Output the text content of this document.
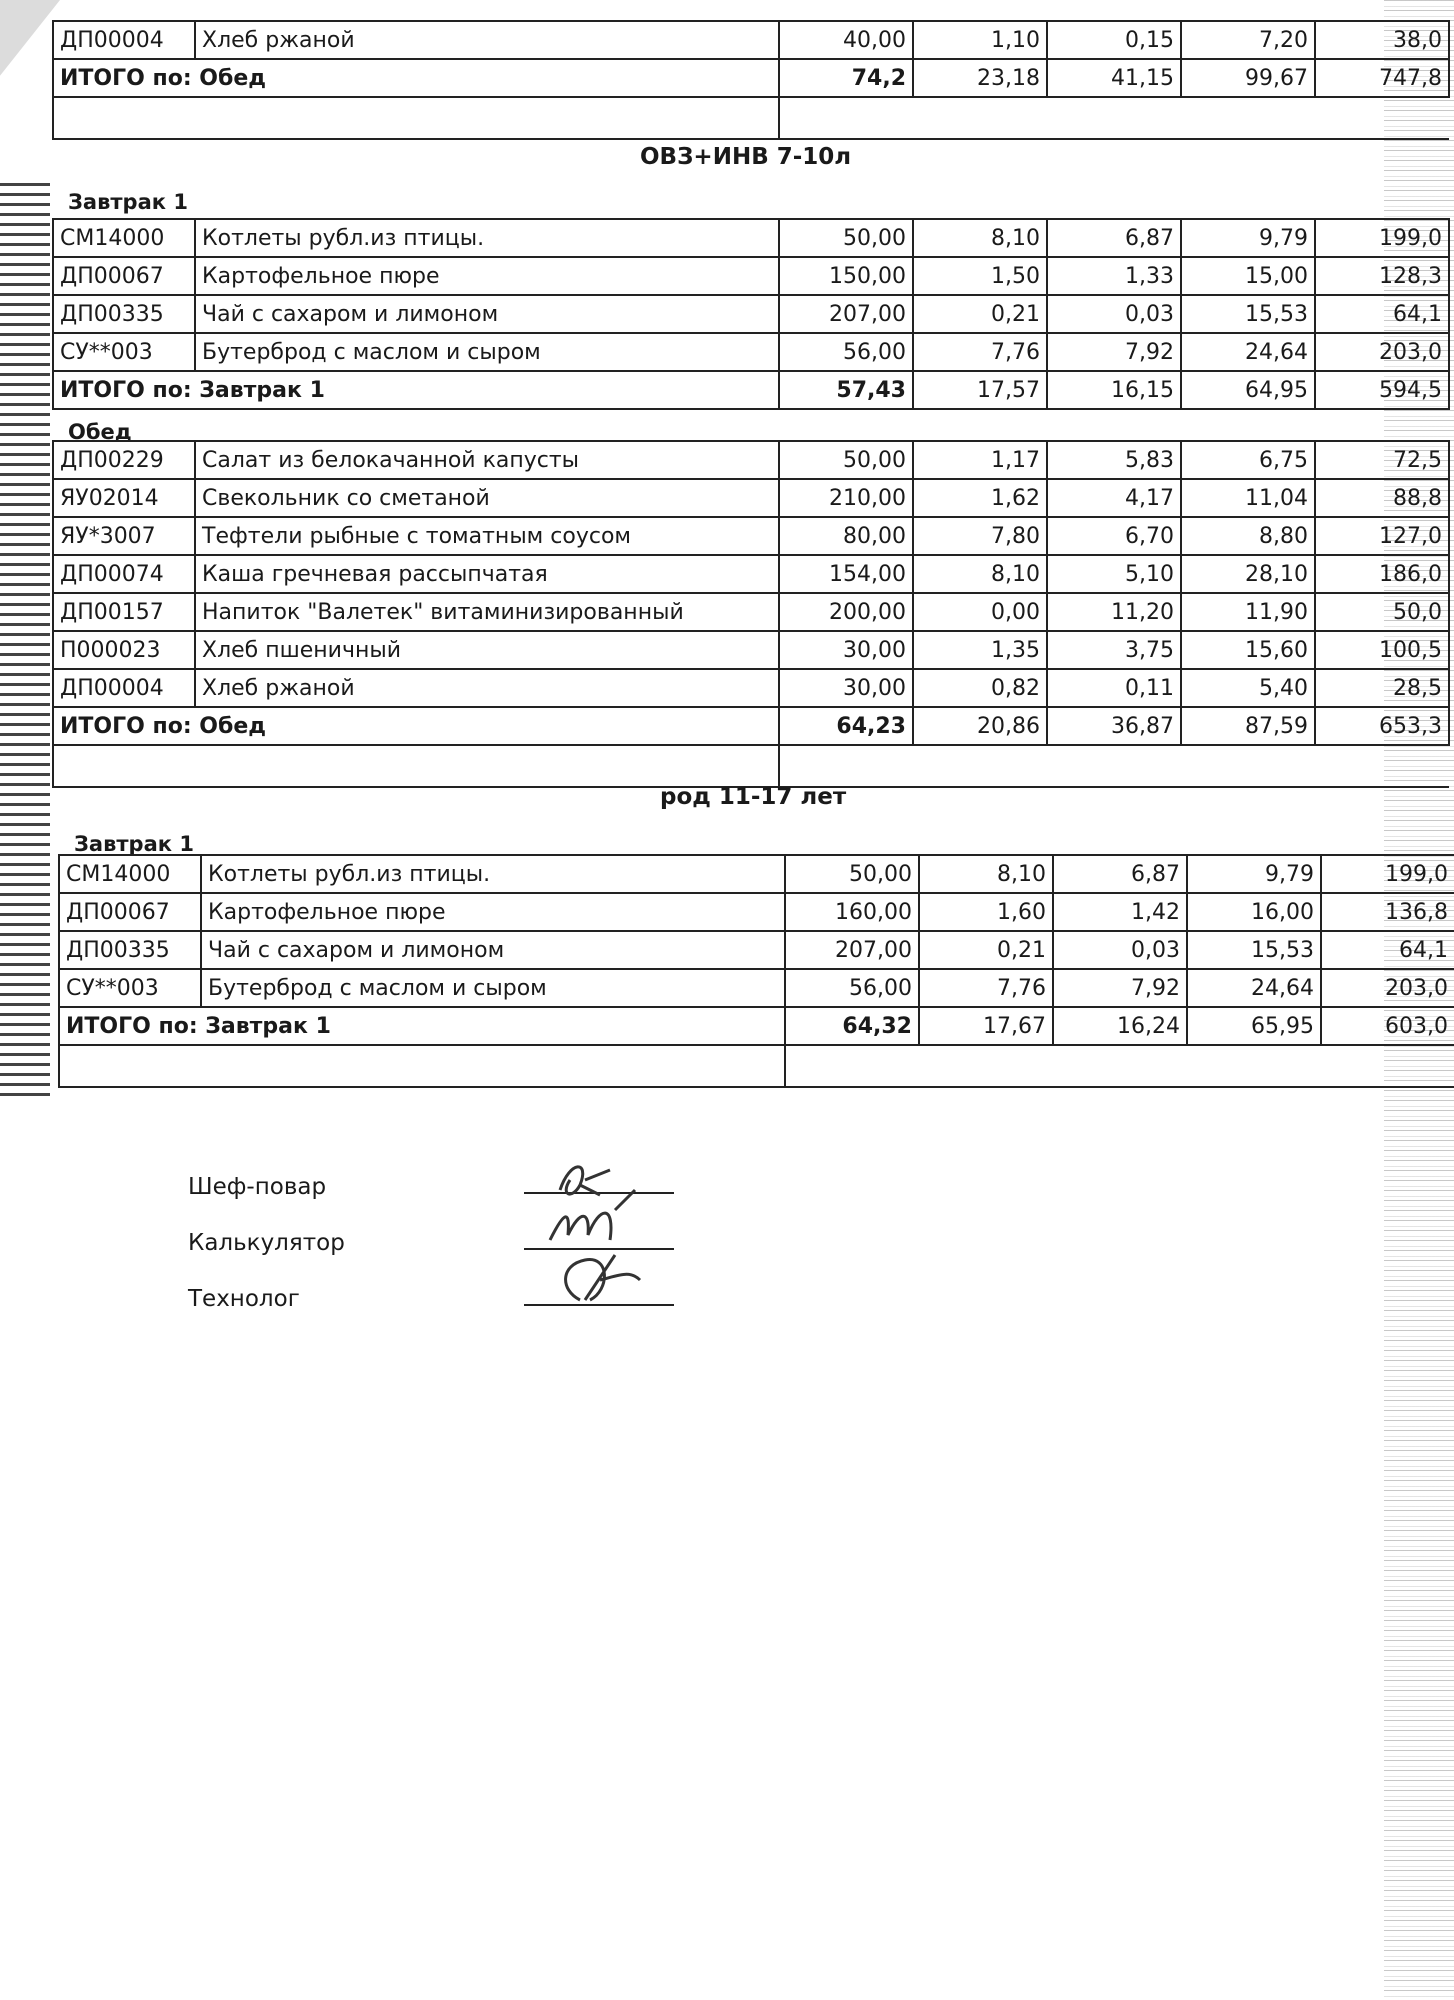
ДП00004	Хлеб ржаной	40,00	1,10	0,15	7,20	38,0
ИТОГО по: Обед		74,2	23,18	41,15	99,67	747,8

ОВЗ+ИНВ 7-10л
Завтрак 1
СМ14000	Котлеты рубл.из птицы.	50,00	8,10	6,87	9,79	199,0
ДП00067	Картофельное пюре	150,00	1,50	1,33	15,00	128,3
ДП00335	Чай с сахаром и лимоном	207,00	0,21	0,03	15,53	64,1
СУ**003	Бутерброд с маслом и сыром	56,00	7,76	7,92	24,64	203,0
ИТОГО по: Завтрак 1		57,43	17,57	16,15	64,95	594,5
Обед
ДП00229	Салат из белокачанной капусты	50,00	1,17	5,83	6,75	72,5
ЯУ02014	Свекольник со сметаной	210,00	1,62	4,17	11,04	88,8
ЯУ*3007	Тефтели рыбные с томатным соусом	80,00	7,80	6,70	8,80	127,0
ДП00074	Каша гречневая рассыпчатая	154,00	8,10	5,10	28,10	186,0
ДП00157	Напиток "Валетек" витаминизированный	200,00	0,00	11,20	11,90	50,0
П000023	Хлеб пшеничный	30,00	1,35	3,75	15,60	100,5
ДП00004	Хлеб ржаной	30,00	0,82	0,11	5,40	28,5
ИТОГО по: Обед		64,23	20,86	36,87	87,59	653,3

род 11-17 лет
Завтрак 1
СМ14000	Котлеты рубл.из птицы.	50,00	8,10	6,87	9,79	199,0
ДП00067	Картофельное пюре	160,00	1,60	1,42	16,00	136,8
ДП00335	Чай с сахаром и лимоном	207,00	0,21	0,03	15,53	64,1
СУ**003	Бутерброд с маслом и сыром	56,00	7,76	7,92	24,64	203,0
ИТОГО по: Завтрак 1		64,32	17,67	16,24	65,95	603,0

Шеф-повар
Калькулятор
Технолог
